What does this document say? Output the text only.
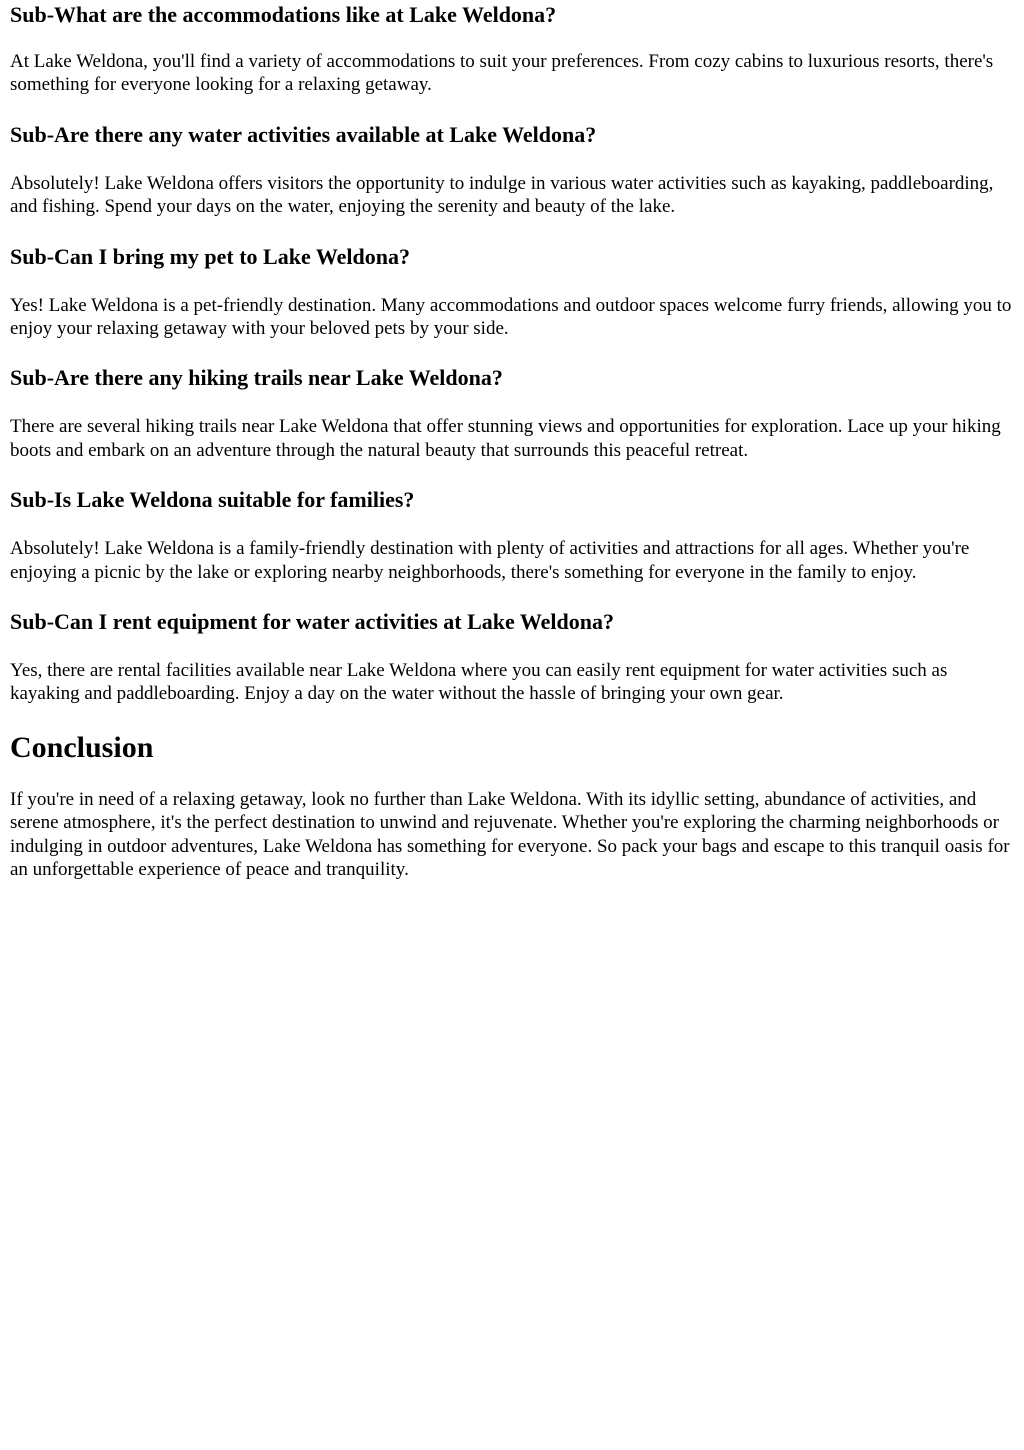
Sub-What are the accommodations like at Lake Weldona?

At Lake Weldona, you'll find a variety of accommodations to suit your preferences. From cozy cabins to luxurious resorts, there's something for everyone looking for a relaxing getaway.

Sub-Are there any water activities available at Lake Weldona?

Absolutely! Lake Weldona offers visitors the opportunity to indulge in various water activities such as kayaking, paddleboarding, and fishing. Spend your days on the water, enjoying the serenity and beauty of the lake.

Sub-Can I bring my pet to Lake Weldona?

Yes! Lake Weldona is a pet-friendly destination. Many accommodations and outdoor spaces welcome furry friends, allowing you to enjoy your relaxing getaway with your beloved pets by your side.

Sub-Are there any hiking trails near Lake Weldona?

There are several hiking trails near Lake Weldona that offer stunning views and opportunities for exploration. Lace up your hiking boots and embark on an adventure through the natural beauty that surrounds this peaceful retreat.

Sub-Is Lake Weldona suitable for families?

Absolutely! Lake Weldona is a family-friendly destination with plenty of activities and attractions for all ages. Whether you're enjoying a picnic by the lake or exploring nearby neighborhoods, there's something for everyone in the family to enjoy.

Sub-Can I rent equipment for water activities at Lake Weldona?

Yes, there are rental facilities available near Lake Weldona where you can easily rent equipment for water activities such as kayaking and paddleboarding. Enjoy a day on the water without the hassle of bringing your own gear.

Conclusion

If you're in need of a relaxing getaway, look no further than Lake Weldona. With its idyllic setting, abundance of activities, and serene atmosphere, it's the perfect destination to unwind and rejuvenate. Whether you're exploring the charming neighborhoods or indulging in outdoor adventures, Lake Weldona has something for everyone. So pack your bags and escape to this tranquil oasis for an unforgettable experience of peace and tranquility.
